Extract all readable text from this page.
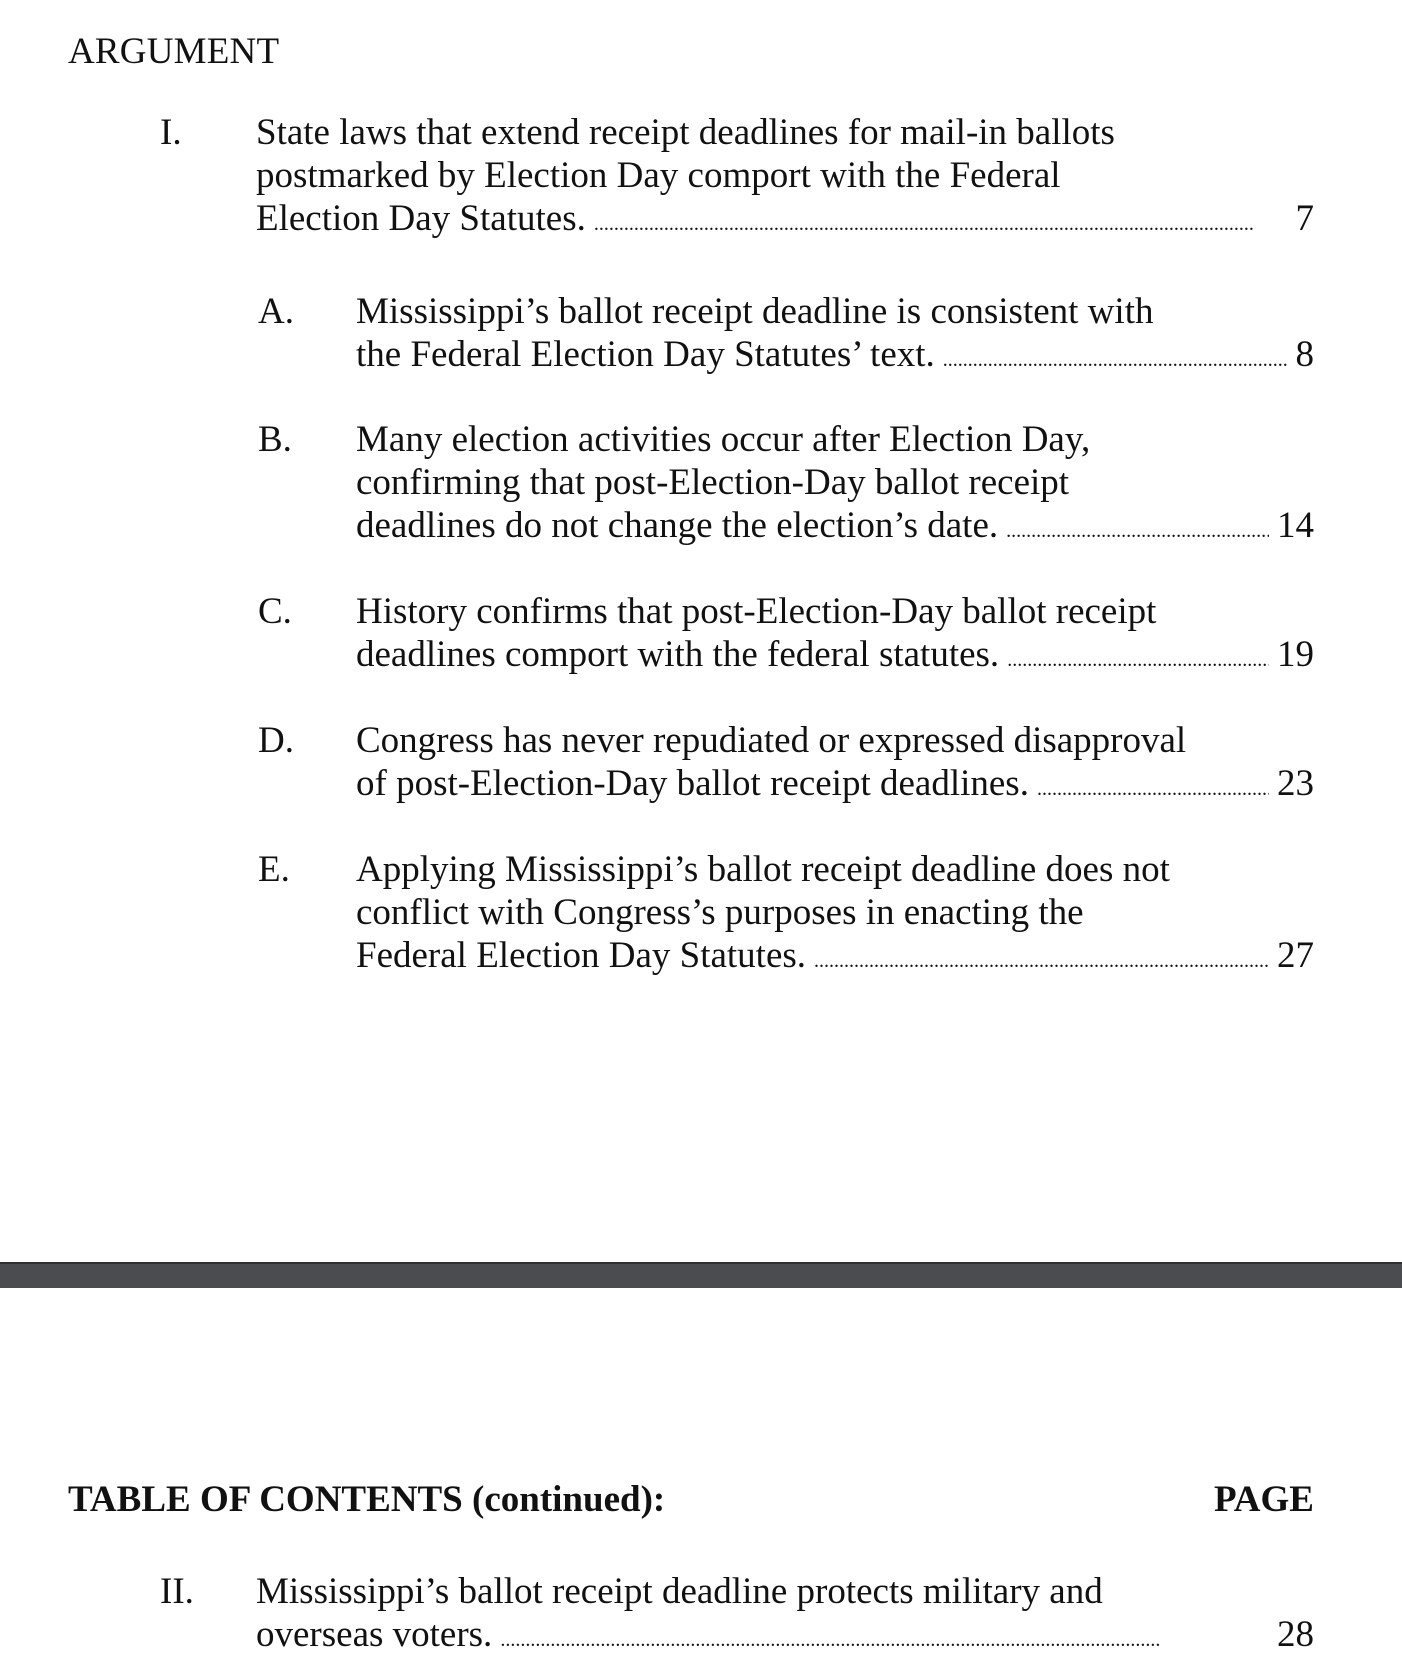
ARGUMENT
I. State laws that extend receipt deadlines for mail-in ballots
postmarked by Election Day comport with the Federal
Election Day Statutes. . . .	7
A. Mississippi’s ballot receipt deadline is consistent with
the Federal Election Day Statutes’ text. . . .	8
B. Many election activities occur after Election Day,
confirming that post-Election-Day ballot receipt
deadlines do not change the election’s date. . . .	14
C. History confirms that post-Election-Day ballot receipt
deadlines comport with the federal statutes. . . .	19
D. Congress has never repudiated or expressed disapproval
of post-Election-Day ballot receipt deadlines. . . .	23
E. Applying Mississippi’s ballot receipt deadline does not
conflict with Congress’s purposes in enacting the
Federal Election Day Statutes. . . .	27
TABLE OF CONTENTS (continued):	PAGE
II. Mississippi’s ballot receipt deadline protects military and
overseas voters. . . .	28
